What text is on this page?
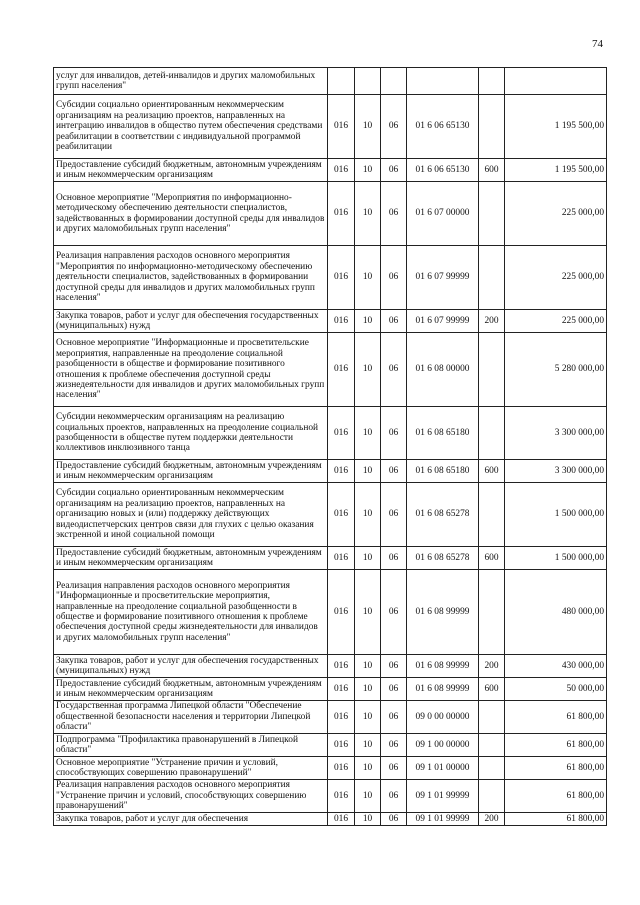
74
услуг для инвалидов, детей-инвалидов и других маломобильных групп населения"						
Субсидии социально ориентированным некоммерческим организациям на реализацию проектов, направленных на интеграцию инвалидов в общество путем обеспечения средствами реабилитации в соответствии с индивидуальной программой реабилитации	016	10	06	01 6 06 65130		1 195 500,00
Предоставление субсидий бюджетным, автономным учреждениям и иным некоммерческим организациям	016	10	06	01 6 06 65130	600	1 195 500,00
Основное мероприятие "Мероприятия по информационно-методическому обеспечению деятельности специалистов, задействованных в формировании доступной среды для инвалидов и других маломобильных групп населения"	016	10	06	01 6 07 00000		225 000,00
Реализация направления расходов основного мероприятия "Мероприятия по информационно-методическому обеспечению деятельности специалистов, задействованных в формировании доступной среды для инвалидов и других маломобильных групп населения"	016	10	06	01 6 07 99999		225 000,00
Закупка товаров, работ и услуг для обеспечения государственных (муниципальных) нужд	016	10	06	01 6 07 99999	200	225 000,00
Основное мероприятие "Информационные и просветительские мероприятия, направленные на преодоление социальной разобщенности в обществе и формирование позитивного отношения к проблеме обеспечения доступной среды жизнедеятельности для инвалидов и других маломобильных групп населения"	016	10	06	01 6 08 00000		5 280 000,00
Субсидии некоммерческим организациям на реализацию социальных проектов, направленных на преодоление социальной разобщенности в обществе путем поддержки деятельности коллективов инклюзивного танца	016	10	06	01 6 08 65180		3 300 000,00
Предоставление субсидий бюджетным, автономным учреждениям и иным некоммерческим организациям	016	10	06	01 6 08 65180	600	3 300 000,00
Субсидии социально ориентированным некоммерческим организациям на реализацию проектов, направленных на организацию новых и (или) поддержку действующих видеодиспетчерских центров связи для глухих с целью оказания экстренной и иной социальной помощи	016	10	06	01 6 08 65278		1 500 000,00
Предоставление субсидий бюджетным, автономным учреждениям и иным некоммерческим организациям	016	10	06	01 6 08 65278	600	1 500 000,00
Реализация направления расходов основного мероприятия "Информационные и просветительские мероприятия, направленные на преодоление социальной разобщенности в обществе и формирование позитивного отношения к проблеме обеспечения доступной среды жизнедеятельности для инвалидов и других маломобильных групп населения"	016	10	06	01 6 08 99999		480 000,00
Закупка товаров, работ и услуг для обеспечения государственных (муниципальных) нужд	016	10	06	01 6 08 99999	200	430 000,00
Предоставление субсидий бюджетным, автономным учреждениям и иным некоммерческим организациям	016	10	06	01 6 08 99999	600	50 000,00
Государственная программа Липецкой области "Обеспечение общественной безопасности населения и территории Липецкой области"	016	10	06	09 0 00 00000		61 800,00
Подпрограмма "Профилактика правонарушений в Липецкой области"	016	10	06	09 1 00 00000		61 800,00
Основное мероприятие "Устранение причин и условий, способствующих совершению правонарушений"	016	10	06	09 1 01 00000		61 800,00
Реализация направления расходов основного мероприятия "Устранение причин и условий, способствующих совершению правонарушений"	016	10	06	09 1 01 99999		61 800,00
Закупка товаров, работ и услуг для обеспечения	016	10	06	09 1 01 99999	200	61 800,00
